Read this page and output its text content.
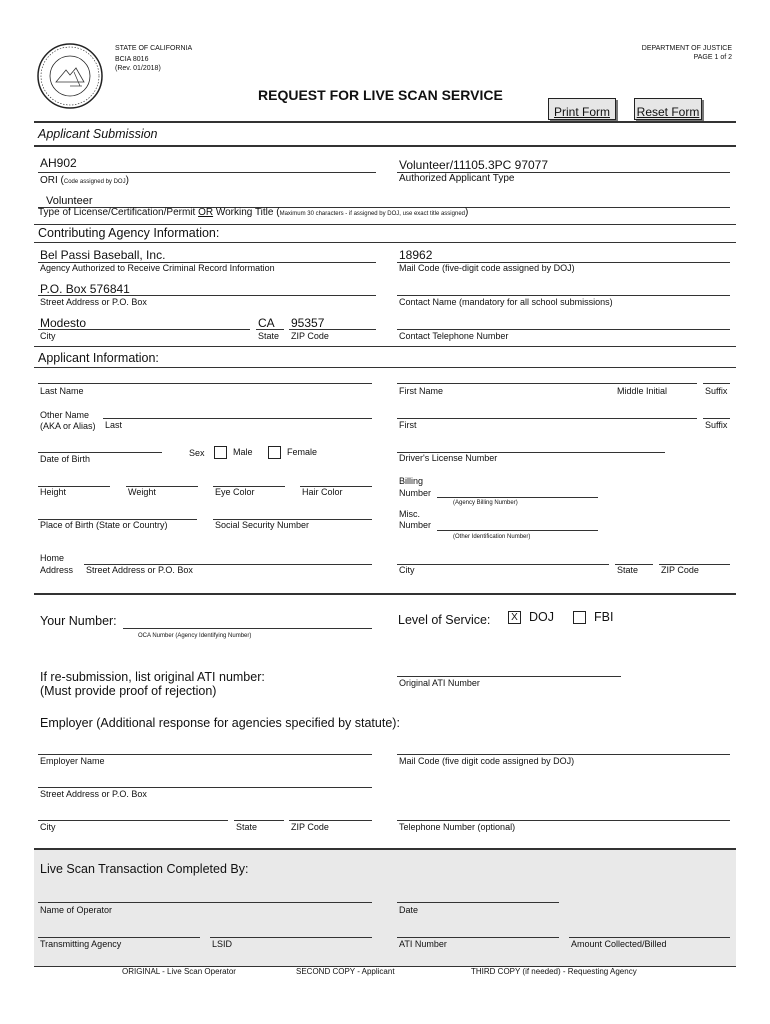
STATE OF CALIFORNIA
BCIA 8016
(Rev. 01/2018)
DEPARTMENT OF JUSTICE
PAGE 1 of 2
REQUEST FOR LIVE SCAN SERVICE
Print Form	Reset Form
Applicant Submission
AH902
ORI (Code assigned by DOJ)
Volunteer/11105.3PC 97077
Authorized Applicant Type
Volunteer
Type of License/Certification/Permit OR Working Title (Maximum 30 characters - if assigned by DOJ, use exact title assigned)
Contributing Agency Information:
Bel Passi Baseball, Inc.
Agency Authorized to Receive Criminal Record Information
18962
Mail Code (five-digit code assigned by DOJ)
P.O. Box 576841
Street Address or P.O. Box	Contact Name (mandatory for all school submissions)
Modesto	CA 95357
City	State ZIP Code	Contact Telephone Number
Applicant Information:
Last Name	First Name	Middle Initial	Suffix
Other Name
(AKA or Alias) Last	First	Suffix
Date of Birth
Sex	Male	Female
Driver's License Number
Height	Weight	Eye Color	Hair Color
Billing
Number
(Agency Billing Number)
Place of Birth (State or Country)	Social Security Number
Misc.
Number
(Other Identification Number)
Home
Address Street Address or P.O. Box	City	State	ZIP Code
Your Number:
OCA Number (Agency Identifying Number)
Level of Service:	X DOJ	FBI
If re-submission, list original ATI number:
(Must provide proof of rejection)
Original ATI Number
Employer (Additional response for agencies specified by statute):
Employer Name	Mail Code (five digit code assigned by DOJ)
Street Address or P.O. Box
City	State	ZIP Code	Telephone Number (optional)
Live Scan Transaction Completed By:
Name of Operator	Date
Transmitting Agency	LSID	ATI Number	Amount Collected/Billed
ORIGINAL - Live Scan Operator	SECOND COPY - Applicant	THIRD COPY (if needed) - Requesting Agency
